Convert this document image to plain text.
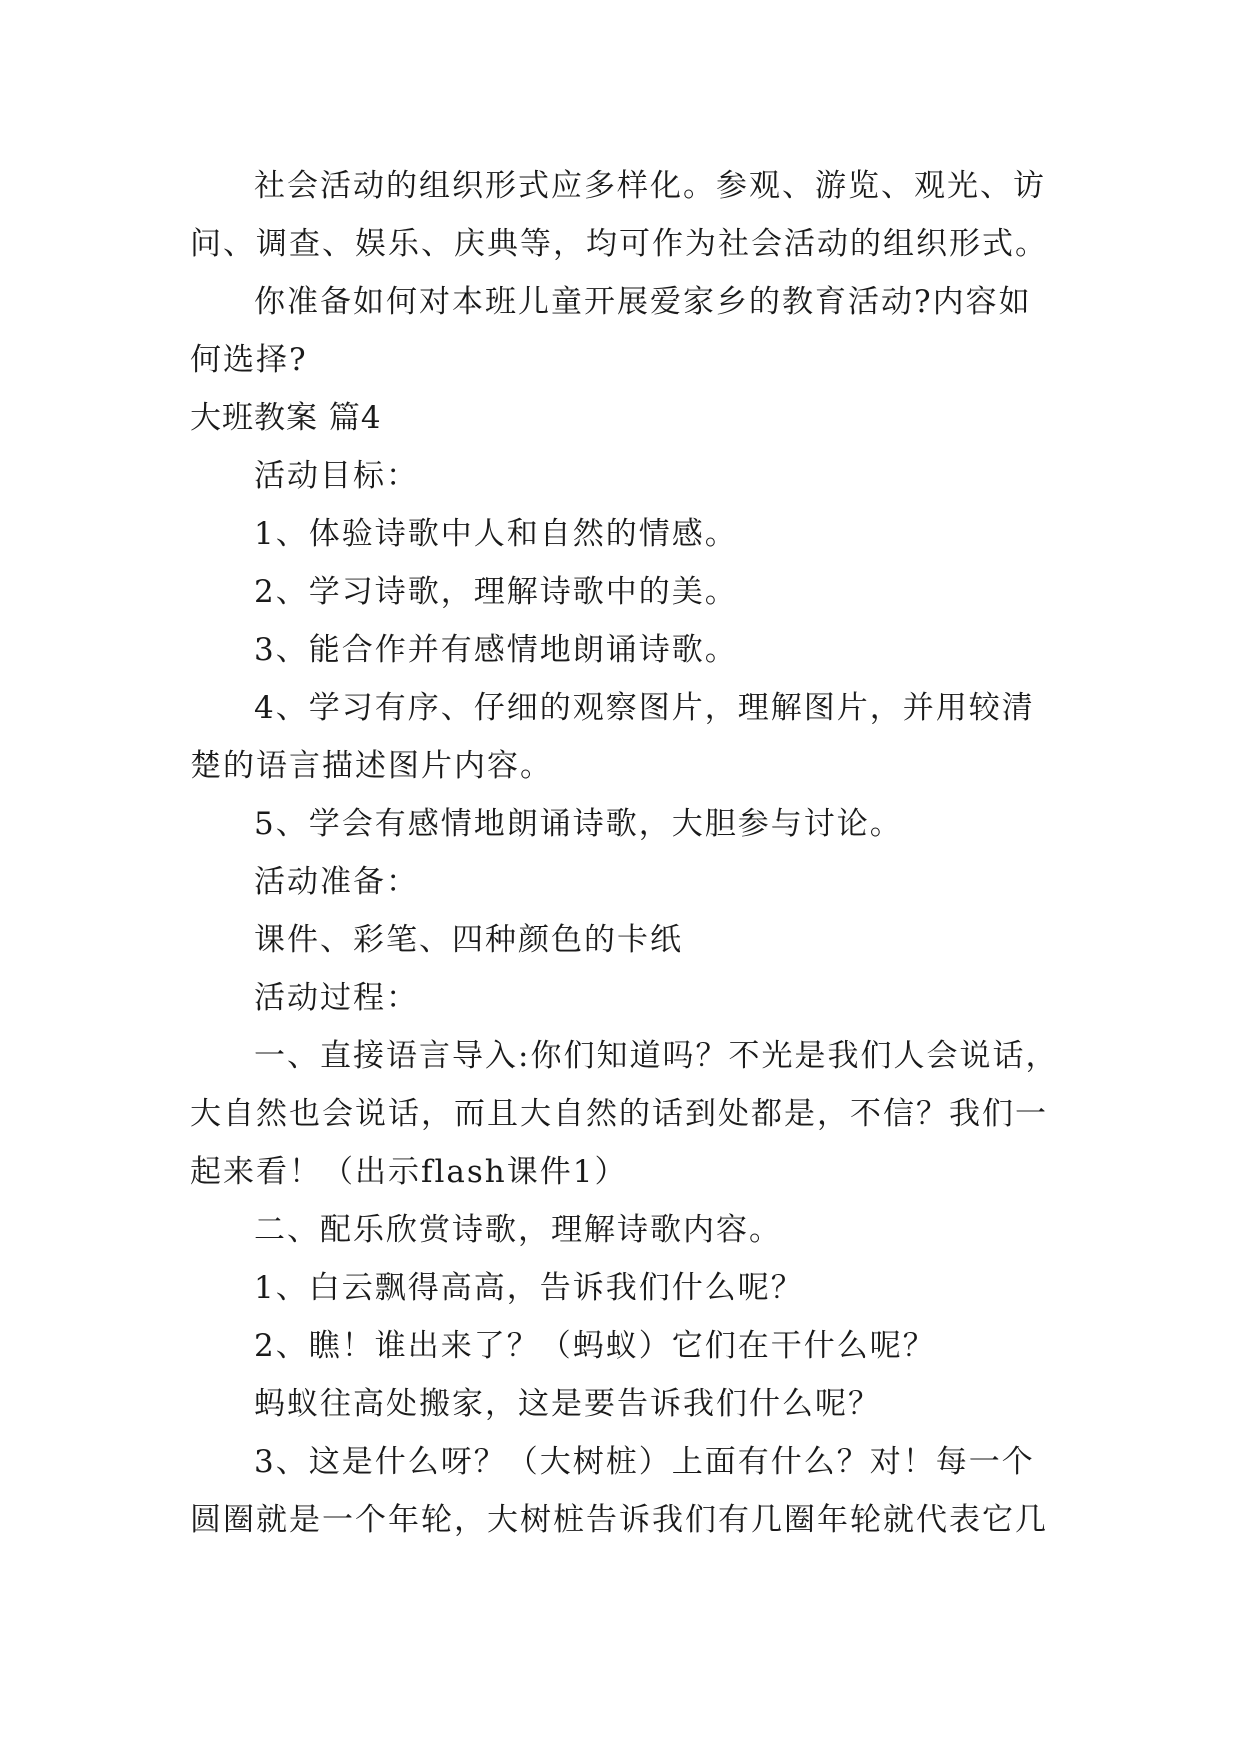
社会活动的组织形式应多样化。参观、游览、观光、访
问、调查、娱乐、庆典等，均可作为社会活动的组织形式。
你准备如何对本班儿童开展爱家乡的教育活动?内容如
何选择?
大班教案 篇4
活动目标：
1、体验诗歌中人和自然的情感。
2、学习诗歌，理解诗歌中的美。
3、能合作并有感情地朗诵诗歌。
4、学习有序、仔细的观察图片，理解图片，并用较清
楚的语言描述图片内容。
5、学会有感情地朗诵诗歌，大胆参与讨论。
活动准备：
课件、彩笔、四种颜色的卡纸
活动过程：
一、直接语言导入:你们知道吗？不光是我们人会说话，
大自然也会说话，而且大自然的话到处都是，不信？我们一
起来看！（出示flash课件1）
二、配乐欣赏诗歌，理解诗歌内容。
1、白云飘得高高，告诉我们什么呢？
2、瞧！谁出来了？（蚂蚁）它们在干什么呢？
蚂蚁往高处搬家，这是要告诉我们什么呢？
3、这是什么呀？（大树桩）上面有什么？对！每一个
圆圈就是一个年轮，大树桩告诉我们有几圈年轮就代表它几
